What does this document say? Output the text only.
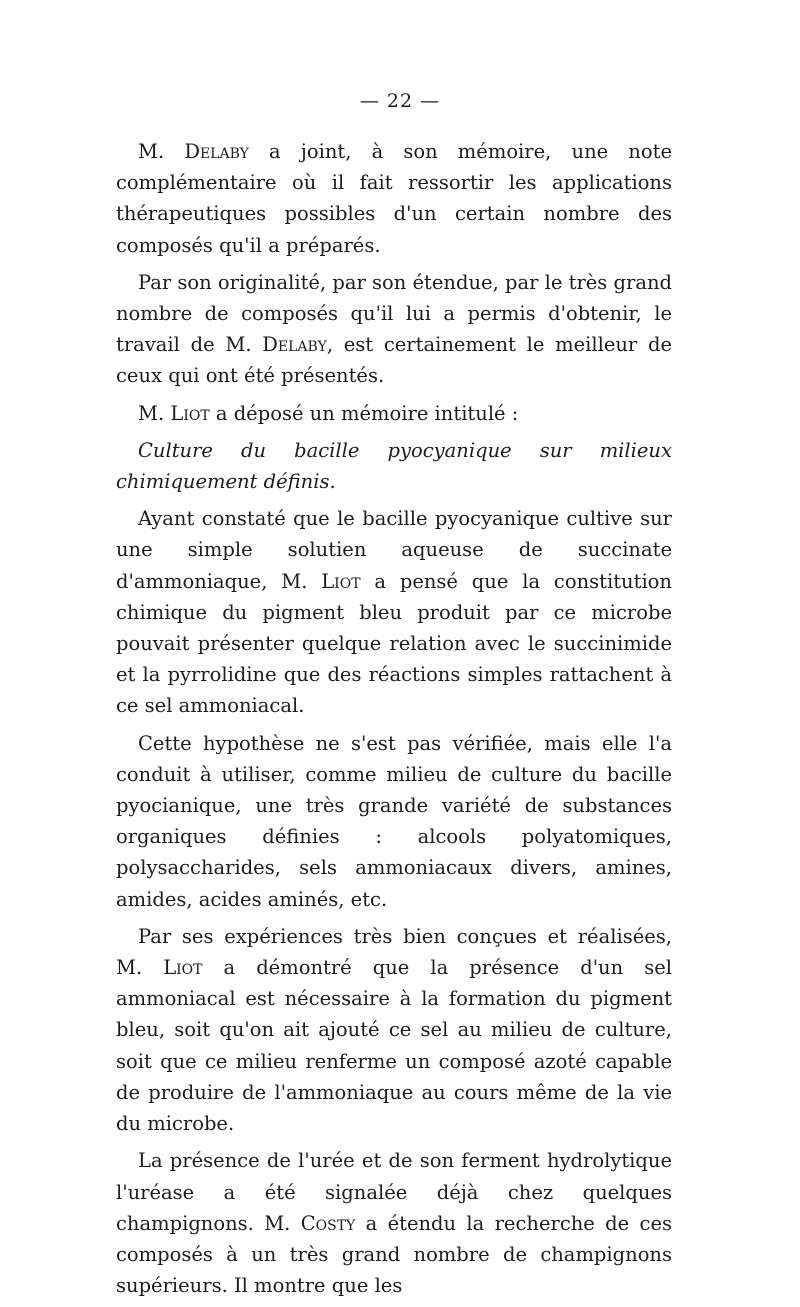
— 22 —

M. Delaby a joint, à son mémoire, une note complémentaire où il fait ressortir les applications thérapeutiques possibles d'un certain nombre des composés qu'il a préparés.

Par son originalité, par son étendue, par le très grand nombre de composés qu'il lui a permis d'obtenir, le travail de M. Delaby, est certainement le meilleur de ceux qui ont été présentés.

M. Liot a déposé un mémoire intitulé :

Culture du bacille pyocyanique sur milieux chimiquement définis.

Ayant constaté que le bacille pyocyanique cultive sur une simple solutien aqueuse de succinate d'ammoniaque, M. Liot a pensé que la constitution chimique du pigment bleu produit par ce microbe pouvait présenter quelque relation avec le succinimide et la pyrrolidine que des réactions simples rattachent à ce sel ammoniacal.

Cette hypothèse ne s'est pas vérifiée, mais elle l'a conduit à utiliser, comme milieu de culture du bacille pyocianique, une très grande variété de substances organiques définies : alcools polyatomiques, polysaccharides, sels ammoniacaux divers, amines, amides, acides aminés, etc.

Par ses expériences très bien conçues et réalisées, M. Liot a démontré que la présence d'un sel ammoniacal est nécessaire à la formation du pigment bleu, soit qu'on ait ajouté ce sel au milieu de culture, soit que ce milieu renferme un composé azoté capable de produire de l'ammoniaque au cours même de la vie du microbe.

La présence de l'urée et de son ferment hydrolytique l'uréase a été signalée déjà chez quelques champignons. M. Costy a étendu la recherche de ces composés à un très grand nombre de champignons supérieurs. Il montre que les
